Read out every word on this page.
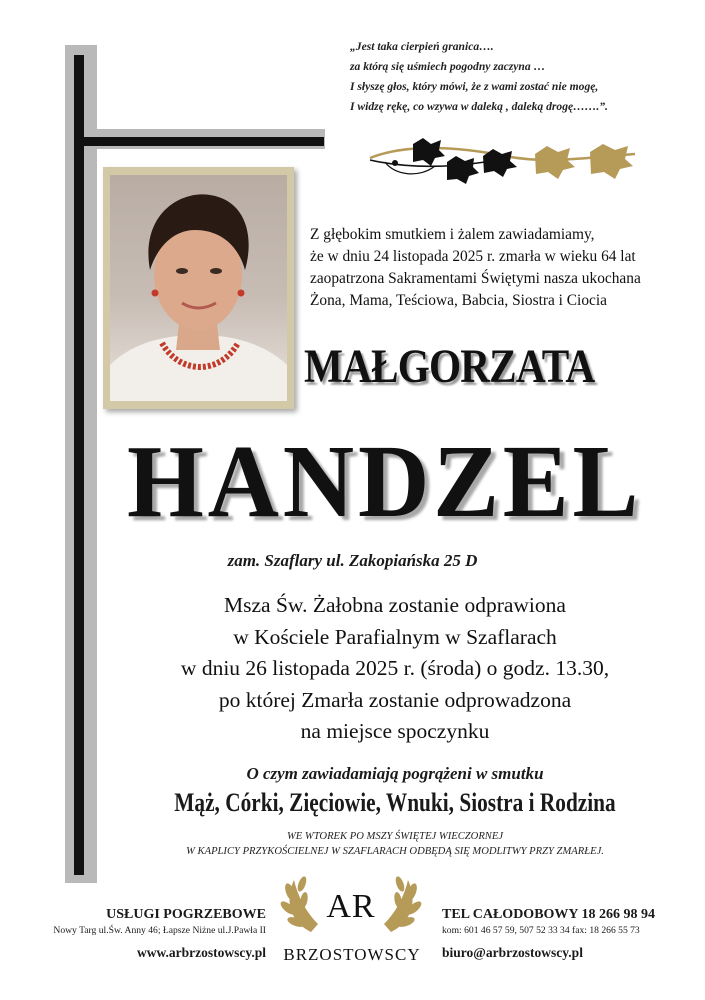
„Jest taka cierpień granica….
za którą się uśmiech pogodny zaczyna …
I słyszę głos, który mówi, że z wami zostać nie mogę,
I widzę rękę, co wzywa w daleką , daleką drogę…….”.
Z głębokim smutkiem i żalem zawiadamiamy,
że w dniu 24 listopada 2025 r. zmarła w wieku 64 lat
zaopatrzona Sakramentami Świętymi nasza ukochana
Żona, Mama, Teściowa, Babcia, Siostra i Ciocia
MAŁGORZATA
HANDZEL
zam. Szaflary ul. Zakopiańska 25 D
Msza Św. Żałobna zostanie odprawiona
w Kościele Parafialnym w Szaflarach
w dniu 26 listopada 2025 r. (środa) o godz. 13.30,
po której Zmarła zostanie odprowadzona
na miejsce spoczynku
O czym zawiadamiają pogrążeni w smutku
Mąż, Córki, Zięciowie, Wnuki, Siostra i Rodzina
WE WTOREK PO MSZY ŚWIĘTEJ WIECZORNEJ
W KAPLICY PRZYKOŚCIELNEJ W SZAFLARACH ODBĘDĄ SIĘ MODLITWY PRZY ZMARŁEJ.
USŁUGI POGRZEBOWE
Nowy Targ ul.Św. Anny 46; Łapsze Niżne ul.J.Pawła II
www.arbrzostowscy.pl
AR
BRZOSTOWSCY
TEL CAŁODOBOWY 18 266 98 94
kom: 601 46 57 59, 507 52 33 34 fax: 18 266 55 73
biuro@arbrzostowscy.pl
